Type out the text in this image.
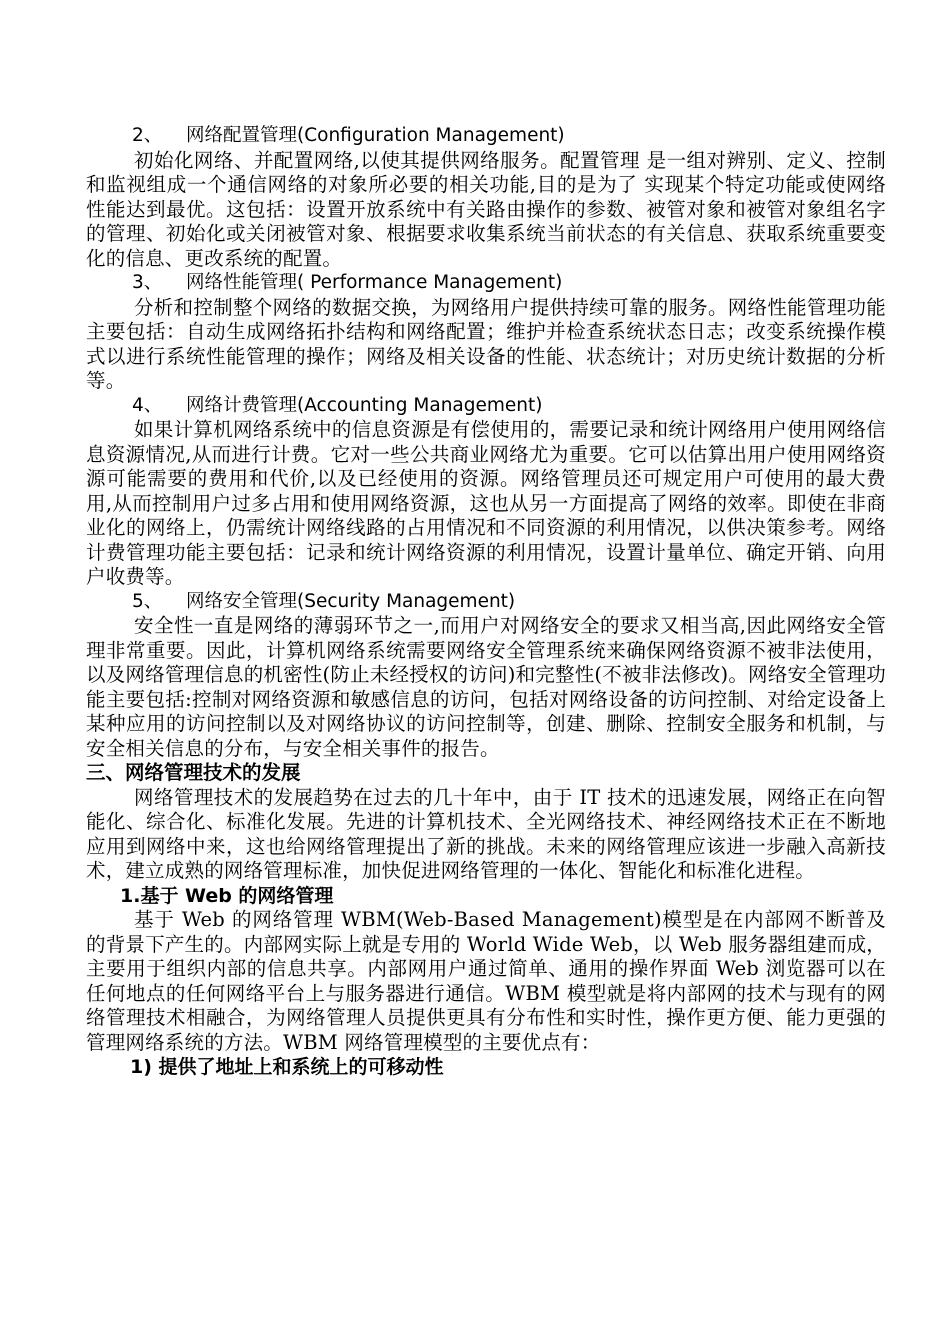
2、 网络配置管理(Configuration Management)

初始化网络、并配置网络,以使其提供网络服务。配置管理 是一组对辨别、定义、控制和监视组成一个通信网络的对象所必要的相关功能,目的是为了 实现某个特定功能或使网络性能达到最优。这包括：设置开放系统中有关路由操作的参数、被管对象和被管对象组名字的管理、初始化或关闭被管对象、根据要求收集系统当前状态的有关信息、获取系统重要变化的信息、更改系统的配置。

3、 网络性能管理( Performance Management)

分析和控制整个网络的数据交换，为网络用户提供持续可靠的服务。网络性能管理功能主要包括：自动生成网络拓扑结构和网络配置；维护并检查系统状态日志；改变系统操作模式以进行系统性能管理的操作；网络及相关设备的性能、状态统计；对历史统计数据的分析等。

4、 网络计费管理(Accounting Management)

如果计算机网络系统中的信息资源是有偿使用的，需要记录和统计网络用户使用网络信息资源情况,从而进行计费。它对一些公共商业网络尤为重要。它可以估算出用户使用网络资源可能需要的费用和代价,以及已经使用的资源。网络管理员还可规定用户可使用的最大费用,从而控制用户过多占用和使用网络资源，这也从另一方面提高了网络的效率。即使在非商业化的网络上，仍需统计网络线路的占用情况和不同资源的利用情况，以供决策参考。网络计费管理功能主要包括：记录和统计网络资源的利用情况，设置计量单位、确定开销、向用户收费等。

5、 网络安全管理(Security Management)

安全性一直是网络的薄弱环节之一,而用户对网络安全的要求又相当高,因此网络安全管理非常重要。因此，计算机网络系统需要网络安全管理系统来确保网络资源不被非法使用，以及网络管理信息的机密性(防止未经授权的访问)和完整性(不被非法修改)。网络安全管理功能主要包括:控制对网络资源和敏感信息的访问，包括对网络设备的访问控制、对给定设备上某种应用的访问控制以及对网络协议的访问控制等，创建、删除、控制安全服务和机制，与安全相关信息的分布，与安全相关事件的报告。

三、网络管理技术的发展

网络管理技术的发展趋势在过去的几十年中，由于 IT 技术的迅速发展，网络正在向智能化、综合化、标准化发展。先进的计算机技术、全光网络技术、神经网络技术正在不断地应用到网络中来，这也给网络管理提出了新的挑战。未来的网络管理应该进一步融入高新技术，建立成熟的网络管理标准，加快促进网络管理的一体化、智能化和标准化进程。

1.基于 Web 的网络管理

基于 Web 的网络管理 WBM(Web-Based Management)模型是在内部网不断普及的背景下产生的。内部网实际上就是专用的 World Wide Web，以 Web 服务器组建而成，主要用于组织内部的信息共享。内部网用户通过简单、通用的操作界面 Web 浏览器可以在任何地点的任何网络平台上与服务器进行通信。WBM 模型就是将内部网的技术与现有的网络管理技术相融合，为网络管理人员提供更具有分布性和实时性，操作更方便、能力更强的管理网络系统的方法。WBM 网络管理模型的主要优点有：

1) 提供了地址上和系统上的可移动性
